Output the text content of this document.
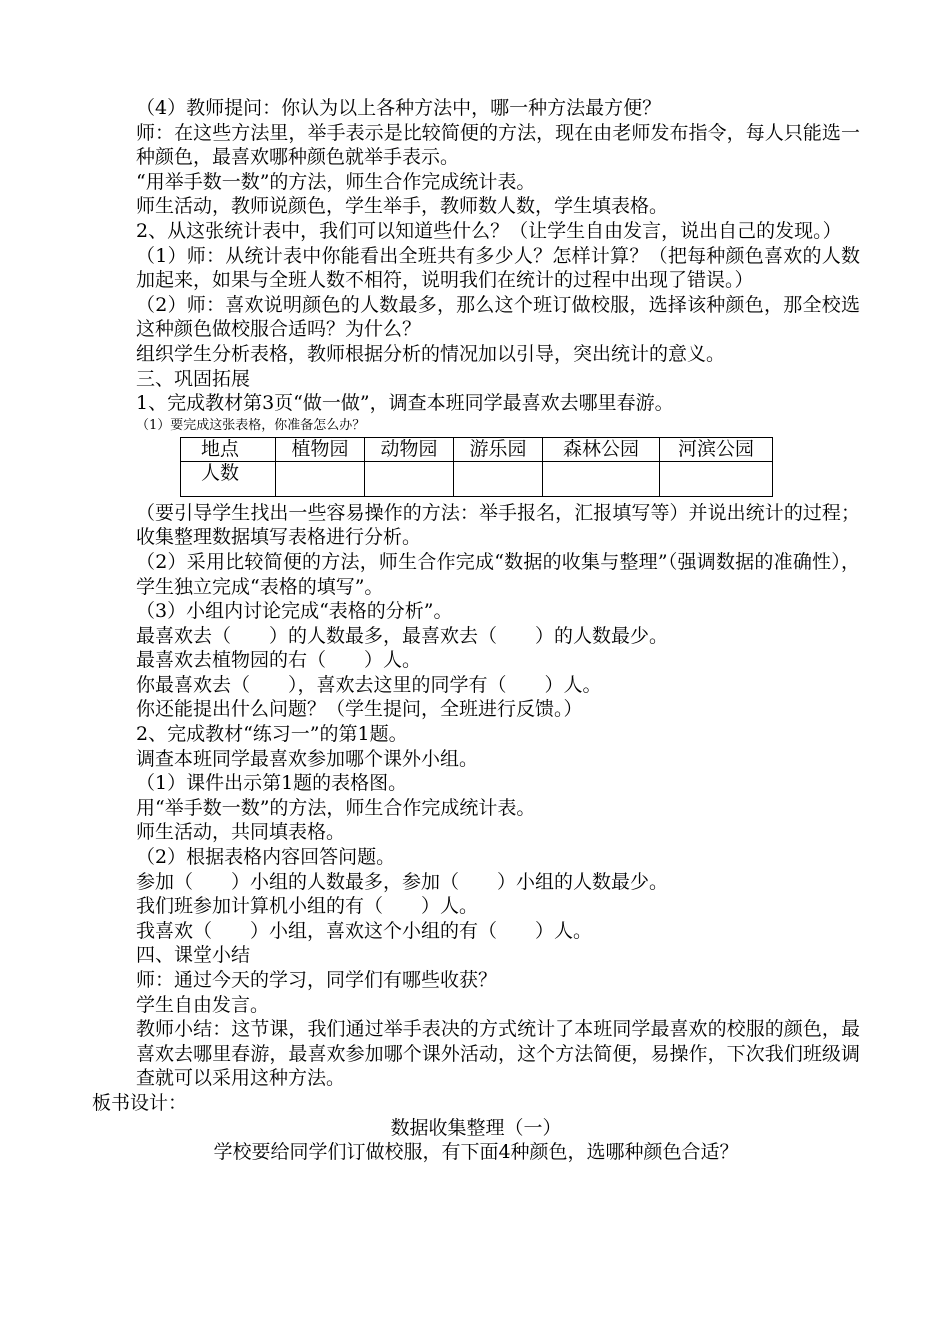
（4）教师提问：你认为以上各种方法中，哪一种方法最方便？

师：在这些方法里，举手表示是比较简便的方法，现在由老师发布指令，每人只能选一种颜色，最喜欢哪种颜色就举手表示。

“用举手数一数”的方法，师生合作完成统计表。

师生活动，教师说颜色，学生举手，教师数人数，学生填表格。

2、从这张统计表中，我们可以知道些什么？（让学生自由发言，说出自己的发现。）

（1）师：从统计表中你能看出全班共有多少人？怎样计算？（把每种颜色喜欢的人数加起来，如果与全班人数不相符，说明我们在统计的过程中出现了错误。）

（2）师：喜欢说明颜色的人数最多，那么这个班订做校服，选择该种颜色，那全校选这种颜色做校服合适吗？为什么？

组织学生分析表格，教师根据分析的情况加以引导，突出统计的意义。

三、巩固拓展

1、完成教材第3页“做一做”，调查本班同学最喜欢去哪里春游。

（1）要完成这张表格，你准备怎么办？

地点	植物园	动物园	游乐园	森林公园	河滨公园
人数					

（要引导学生找出一些容易操作的方法：举手报名，汇报填写等）并说出统计的过程；收集整理数据填写表格进行分析。

（2）采用比较简便的方法，师生合作完成“数据的收集与整理”（强调数据的准确性），学生独立完成“表格的填写”。

（3）小组内讨论完成“表格的分析”。

最喜欢去（　　）的人数最多，最喜欢去（　　）的人数最少。

最喜欢去植物园的右（　　）人。

你最喜欢去（　　），喜欢去这里的同学有（　　）人。

你还能提出什么问题？（学生提问，全班进行反馈。）

2、完成教材“练习一”的第1题。

调查本班同学最喜欢参加哪个课外小组。

（1）课件出示第1题的表格图。

用“举手数一数”的方法，师生合作完成统计表。

师生活动，共同填表格。

（2）根据表格内容回答问题。

参加（　　）小组的人数最多，参加（　　）小组的人数最少。

我们班参加计算机小组的有（　　）人。

我喜欢（　　）小组，喜欢这个小组的有（　　）人。

四、课堂小结

师：通过今天的学习，同学们有哪些收获？

学生自由发言。

教师小结：这节课，我们通过举手表决的方式统计了本班同学最喜欢的校服的颜色，最喜欢去哪里春游，最喜欢参加哪个课外活动，这个方法简便，易操作，下次我们班级调查就可以采用这种方法。

板书设计：

数据收集整理（一）

学校要给同学们订做校服，有下面4种颜色，选哪种颜色合适？
